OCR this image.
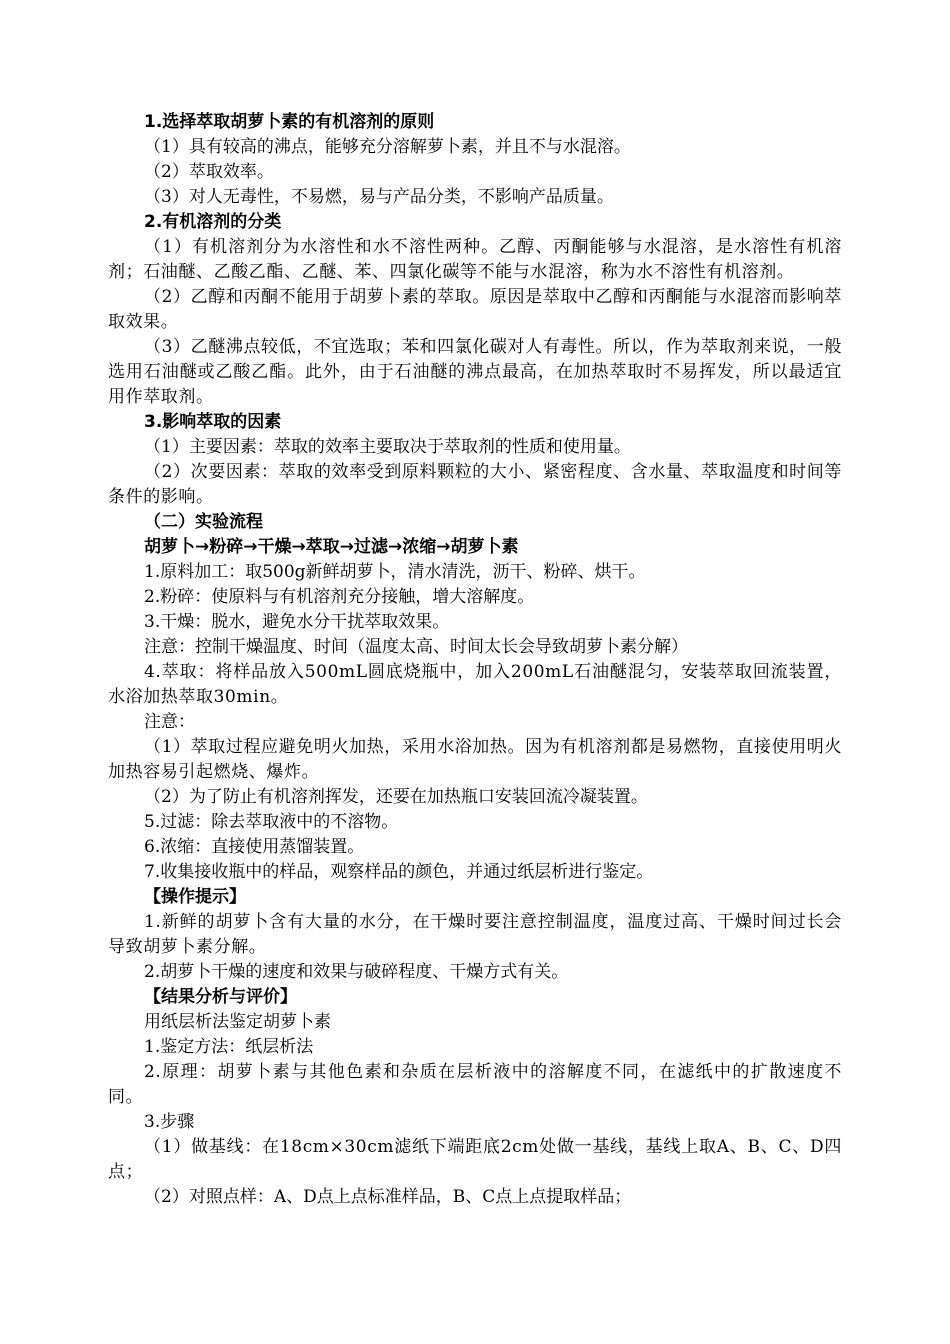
1.选择萃取胡萝卜素的有机溶剂的原则

（1）具有较高的沸点，能够充分溶解萝卜素，并且不与水混溶。

（2）萃取效率。

（3）对人无毒性，不易燃，易与产品分类，不影响产品质量。

2.有机溶剂的分类

（1）有机溶剂分为水溶性和水不溶性两种。乙醇、丙酮能够与水混溶，是水溶性有机溶剂；石油醚、乙酸乙酯、乙醚、苯、四氯化碳等不能与水混溶，称为水不溶性有机溶剂。

（2）乙醇和丙酮不能用于胡萝卜素的萃取。原因是萃取中乙醇和丙酮能与水混溶而影响萃取效果。

（3）乙醚沸点较低，不宜选取；苯和四氯化碳对人有毒性。所以，作为萃取剂来说，一般选用石油醚或乙酸乙酯。此外，由于石油醚的沸点最高，在加热萃取时不易挥发，所以最适宜用作萃取剂。

3.影响萃取的因素

（1）主要因素：萃取的效率主要取决于萃取剂的性质和使用量。

（2）次要因素：萃取的效率受到原料颗粒的大小、紧密程度、含水量、萃取温度和时间等条件的影响。

（二）实验流程

胡萝卜→粉碎→干燥→萃取→过滤→浓缩→胡萝卜素

1.原料加工：取500g新鲜胡萝卜，清水清洗，沥干、粉碎、烘干。

2.粉碎：使原料与有机溶剂充分接触，增大溶解度。

3.干燥：脱水，避免水分干扰萃取效果。

注意：控制干燥温度、时间（温度太高、时间太长会导致胡萝卜素分解）

4.萃取：将样品放入500mL圆底烧瓶中，加入200mL石油醚混匀，安装萃取回流装置，水浴加热萃取30min。

注意：

（1）萃取过程应避免明火加热，采用水浴加热。因为有机溶剂都是易燃物，直接使用明火加热容易引起燃烧、爆炸。

（2）为了防止有机溶剂挥发，还要在加热瓶口安装回流冷凝装置。

5.过滤：除去萃取液中的不溶物。

6.浓缩：直接使用蒸馏装置。

7.收集接收瓶中的样品，观察样品的颜色，并通过纸层析进行鉴定。

【操作提示】

1.新鲜的胡萝卜含有大量的水分，在干燥时要注意控制温度，温度过高、干燥时间过长会导致胡萝卜素分解。

2.胡萝卜干燥的速度和效果与破碎程度、干燥方式有关。

【结果分析与评价】

用纸层析法鉴定胡萝卜素

1.鉴定方法：纸层析法

2.原理：胡萝卜素与其他色素和杂质在层析液中的溶解度不同，在滤纸中的扩散速度不同。

3.步骤

（1）做基线：在18cm×30cm滤纸下端距底2cm处做一基线，基线上取A、B、C、D四点；

（2）对照点样：A、D点上点标准样品，B、C点上点提取样品；
